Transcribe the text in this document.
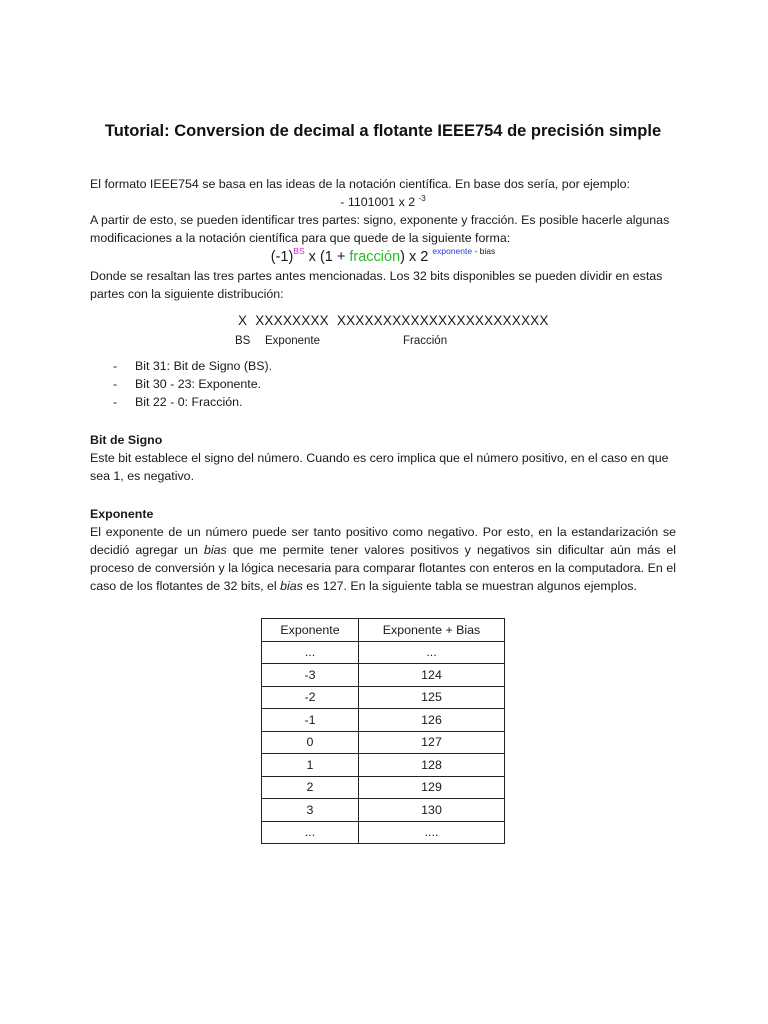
Tutorial: Conversion de decimal a flotante IEEE754 de precisión simple

El formato IEEE754 se basa en las ideas de la notación científica. En base dos sería, por ejemplo:

- 1101001 x 2 $^{-3}$

A partir de esto, se pueden identificar tres partes: signo, exponente y fracción. Es posible hacerle algunas modificaciones a la notación científica para que quede de la siguiente forma:

$(-1)^{BS}$ x (1 + fracción) x 2 $^{exponente - bias}$

Donde se resaltan las tres partes antes mencionadas. Los 32 bits disponibles se pueden dividir en estas partes con la siguiente distribución:

X XXXXXXXX XXXXXXXXXXXXXXXXXXXXXXX
BS Exponente	Fracción
- Bit 31: Bit de Signo (BS).
- Bit 30 - 23: Exponente.
- Bit 22 - 0: Fracción.

Bit de Signo

Este bit establece el signo del número. Cuando es cero implica que el número positivo, en el caso en que sea 1, es negativo.

Exponente

El exponente de un número puede ser tanto positivo como negativo. Por esto, en la estandarización se decidió agregar un bias que me permite tener valores positivos y negativos sin dificultar aún más el proceso de conversión y la lógica necesaria para comparar flotantes con enteros en la computadora. En el caso de los flotantes de 32 bits, el bias es 127. En la siguiente tabla se muestran algunos ejemplos.

Exponente	Exponente + Bias
...	...
-3	124
-2	125
-1	126
0	127
1	128
2	129
3	130
...	....
